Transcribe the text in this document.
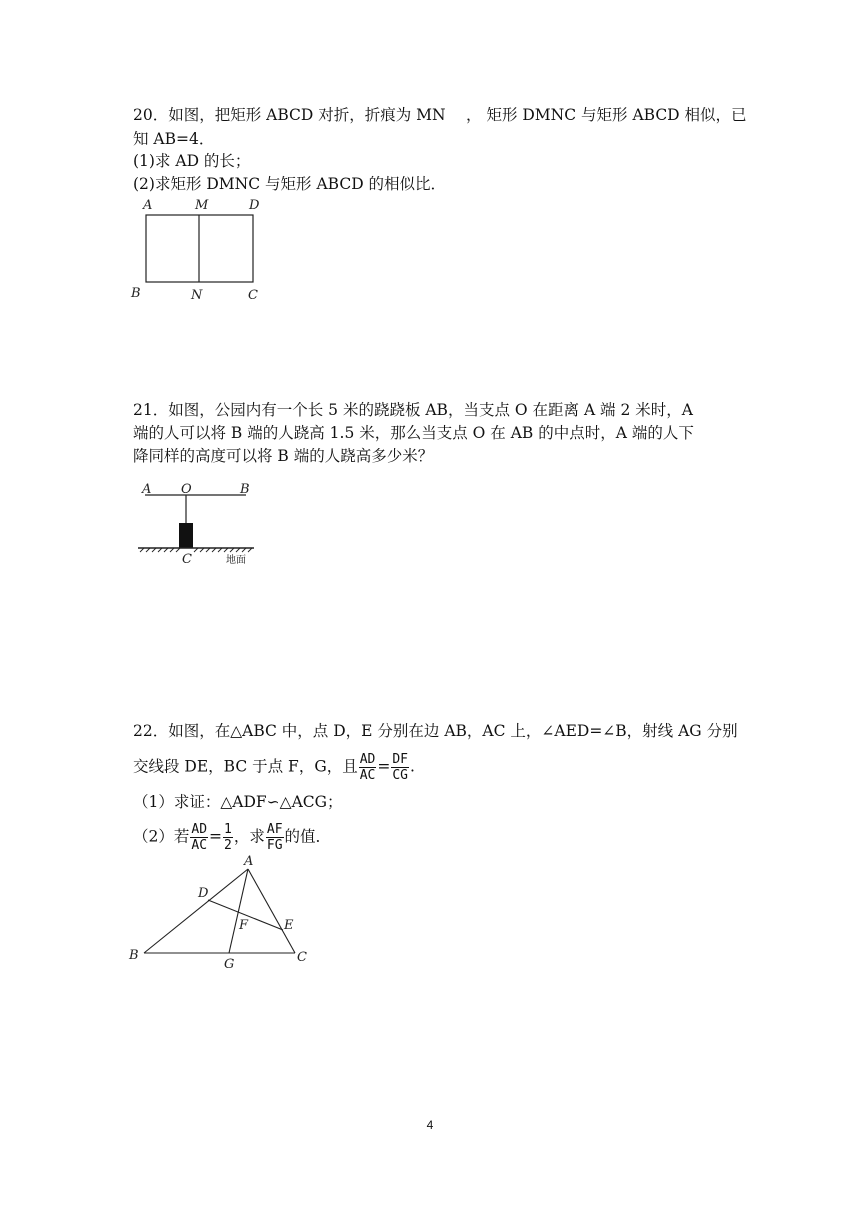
20．如图，把矩形 ABCD 对折，折痕为 MN　 ， 矩形 DMNC 与矩形 ABCD 相似，已
知 AB=4．
(1)求 AD 的长；
(2)求矩形 DMNC 与矩形 ABCD 的相似比．
A	M	D
B	N	C
21．如图，公园内有一个长 5 米的跷跷板 AB，当支点 O 在距离 A 端 2 米时，A
端的人可以将 B 端的人跷高 1.5 米，那么当支点 O 在 AB 的中点时，A 端的人下
降同样的高度可以将 B 端的人跷高多少米？
A O	B
C	地面
22．如图，在△ABC 中，点 D，E 分别在边 AB，AC 上，∠AED=∠B，射线 AG 分别
交线段 DE，BC 于点 F，G，且 $\frac{AD}{AC} = \frac{DF}{CG}$ .
（1）求证：△ADF∽△ACG；
（2）若 $\frac{AD}{AC} = \frac{1}{2}$ ，求 $\frac{AF}{FG}$ 的值．
A
B	C
D
E
F
G
4
